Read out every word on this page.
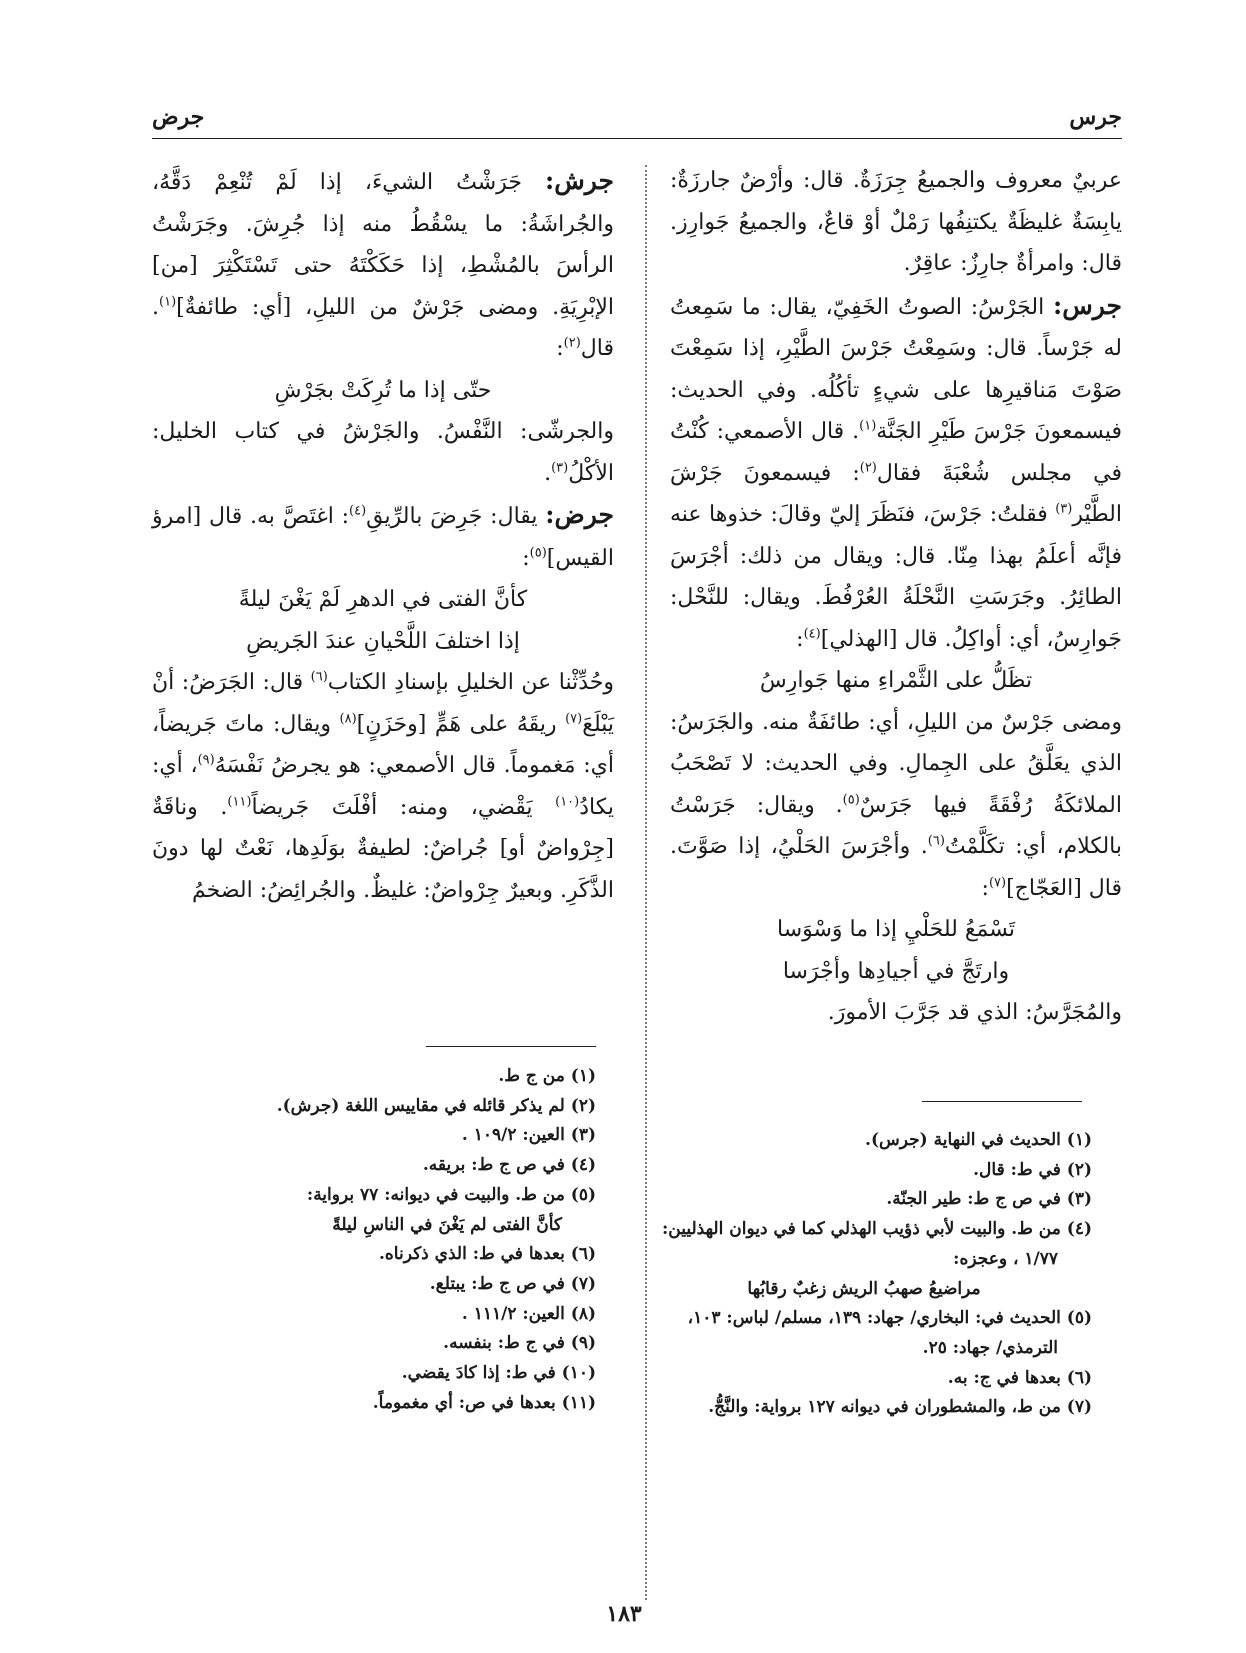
جرس
جرض

عربيٌ معروف والجميعُ جِرَزَةٌ. قال: وأرْضٌ جارزَةٌ: يابِسَةٌ غليظَةٌ يكتنِفُها رَمْلٌ أوْ قاعٌ، والجميعُ جَوارِز. قال: وامرأةٌ جارِزٌ: عاقِرٌ.

جرس: الجَرْسُ: الصوتُ الخَفِيّ، يقال: ما سَمِعتُ له جَرْساً. قال: وسَمِعْتُ جَرْسَ الطَّيْرِ، إذا سَمِعْتَ صَوْتَ مَناقيرِها على شيءٍ تأكُلُه. وفي الحديث: فيسمعونَ جَرْسَ طَيْرِ الجَنَّة$^{(١)}$. قال الأصمعي: كُنْتُ في مجلس شُعْبَةَ فقال$^{(٢)}$: فيسمعونَ جَرْشَ الطَّيْر$^{(٣)}$ فقلتُ: جَرْسَ، فنَظَرَ إليّ وقالَ: خذوها عنه فإنَّه أعلَمُ بهذا مِنّا. قال: ويقال من ذلك: أجْرَسَ الطائِرُ. وجَرَسَتِ النَّحْلَةُ العُرْفُطَ. ويقال: للنَّحْل: جَوارِسُ، أي: أواكِلُ. قال [الهذلي]$^{(٤)}$:

تظَلُّ على الثَّمْراءِ منها جَوارِسُ

ومضى جَرْسٌ من الليلِ، أي: طائفَةٌ منه. والجَرَسُ: الذي يعَلَّقُ على الجِمالِ. وفي الحديث: لا تَصْحَبُ الملائكَةُ رُفْقَةً فيها جَرَسٌ$^{(٥)}$. ويقال: جَرَسْتُ بالكلام، أي: تكَلَّمْتُ$^{(٦)}$. وأجْرَسَ الحَلْيُ، إذا صَوَّتَ. قال [العَجّاج]$^{(٧)}$:

تَسْمَعُ للحَلْيِ إذا ما وَسْوَسا

وارتَجَّ في أجيادِها وأجْرَسا

والمُجَرَّسُ: الذي قد جَرَّبَ الأمورَ.

جرش: جَرَشْتُ الشيءَ، إذا لَمْ تُنْعِمْ دَقَّهُ، والجُراشَةُ: ما يسْقُطُ منه إذا جُرِشَ. وجَرَشْتُ الرأسَ بالمُشْطِ، إذا حَكَكْتَهُ حتى تَسْتَكْثِرَ [من] الإبْرِيَةِ. ومضى جَرْشٌ من الليلِ، [أي: طائفةٌ]$^{(١)}$. قال$^{(٢)}$:

حتّى إذا ما تُرِكَتْ بجَرْشِ

والجرشّى: النَّفْسُ. والجَرْشُ في كتاب الخليل: الأكْلُ$^{(٣)}$.

جرض: يقال: جَرِضَ بالرِّيقِ$^{(٤)}$: اغتَصَّ به. قال [امرؤ القيس]$^{(٥)}$:

كأنَّ الفتى في الدهرِ لَمْ يَغْنَ ليلةً

إذا اختلفَ اللَّحْيانِ عندَ الجَريضِ

وحُدِّثْنا عن الخليلِ بإسنادِ الكتاب$^{(٦)}$ قال: الجَرَضُ: أنْ يَبْلَعَ$^{(٧)}$ ريقَهُ على هَمٍّ [وحَزَنٍ]$^{(٨)}$ ويقال: ماتَ جَريضاً، أي: مَغموماً. قال الأصمعي: هو يجرضُ نَفْسَهُ$^{(٩)}$، أي: يكادُ$^{(١٠)}$ يَقْضي، ومنه: أفْلَتَ جَريضاً$^{(١١)}$. وناقَةٌ [جِرْواضٌ أو] جُراضٌ: لطيفةٌ بوَلَدِها، نَعْتٌ لها دونَ الذَّكَرِ. وبعيرٌ جِرْواضٌ: غليظٌ. والجُرائِضُ: الضخمُ

(١) الحديث في النهاية (جرس).

(٢) في ط: قال.

(٣) في ص ج ط: طير الجنّة.

(٤) من ط. والبيت لأبي ذؤيب الهذلي كما في ديوان الهذليين:

١/٧٧ ، وعجزه:

مراضيعُ صهبُ الريش زغبٌ رقابُها

(٥) الحديث في: البخاري/ جهاد: ١٣٩، مسلم/ لباس: ١٠٣،

الترمذي/ جهاد: ٢٥.

(٦) بعدها في ج: به.

(٧) من ط، والمشطوران في ديوانه ١٢٧ برواية: والنَّجُّ.

(١) من ج ط.

(٢) لم يذكر قائله في مقاييس اللغة (جرش).

(٣) العين: ١٠٩/٢ .

(٤) في ص ج ط: بريقه.

(٥) من ط. والبيت في ديوانه: ٧٧ برواية:

كأنَّ الفتى لم يَغْنَ في الناسِ ليلةً

(٦) بعدها في ط: الذي ذكرناه.

(٧) في ص ج ط: يبتلع.

(٨) العين: ١١١/٢ .

(٩) في ج ط: بنفسه.

(١٠) في ط: إذا كادَ يقضي.

(١١) بعدها في ص: أي مغموماً.

١٨٣
